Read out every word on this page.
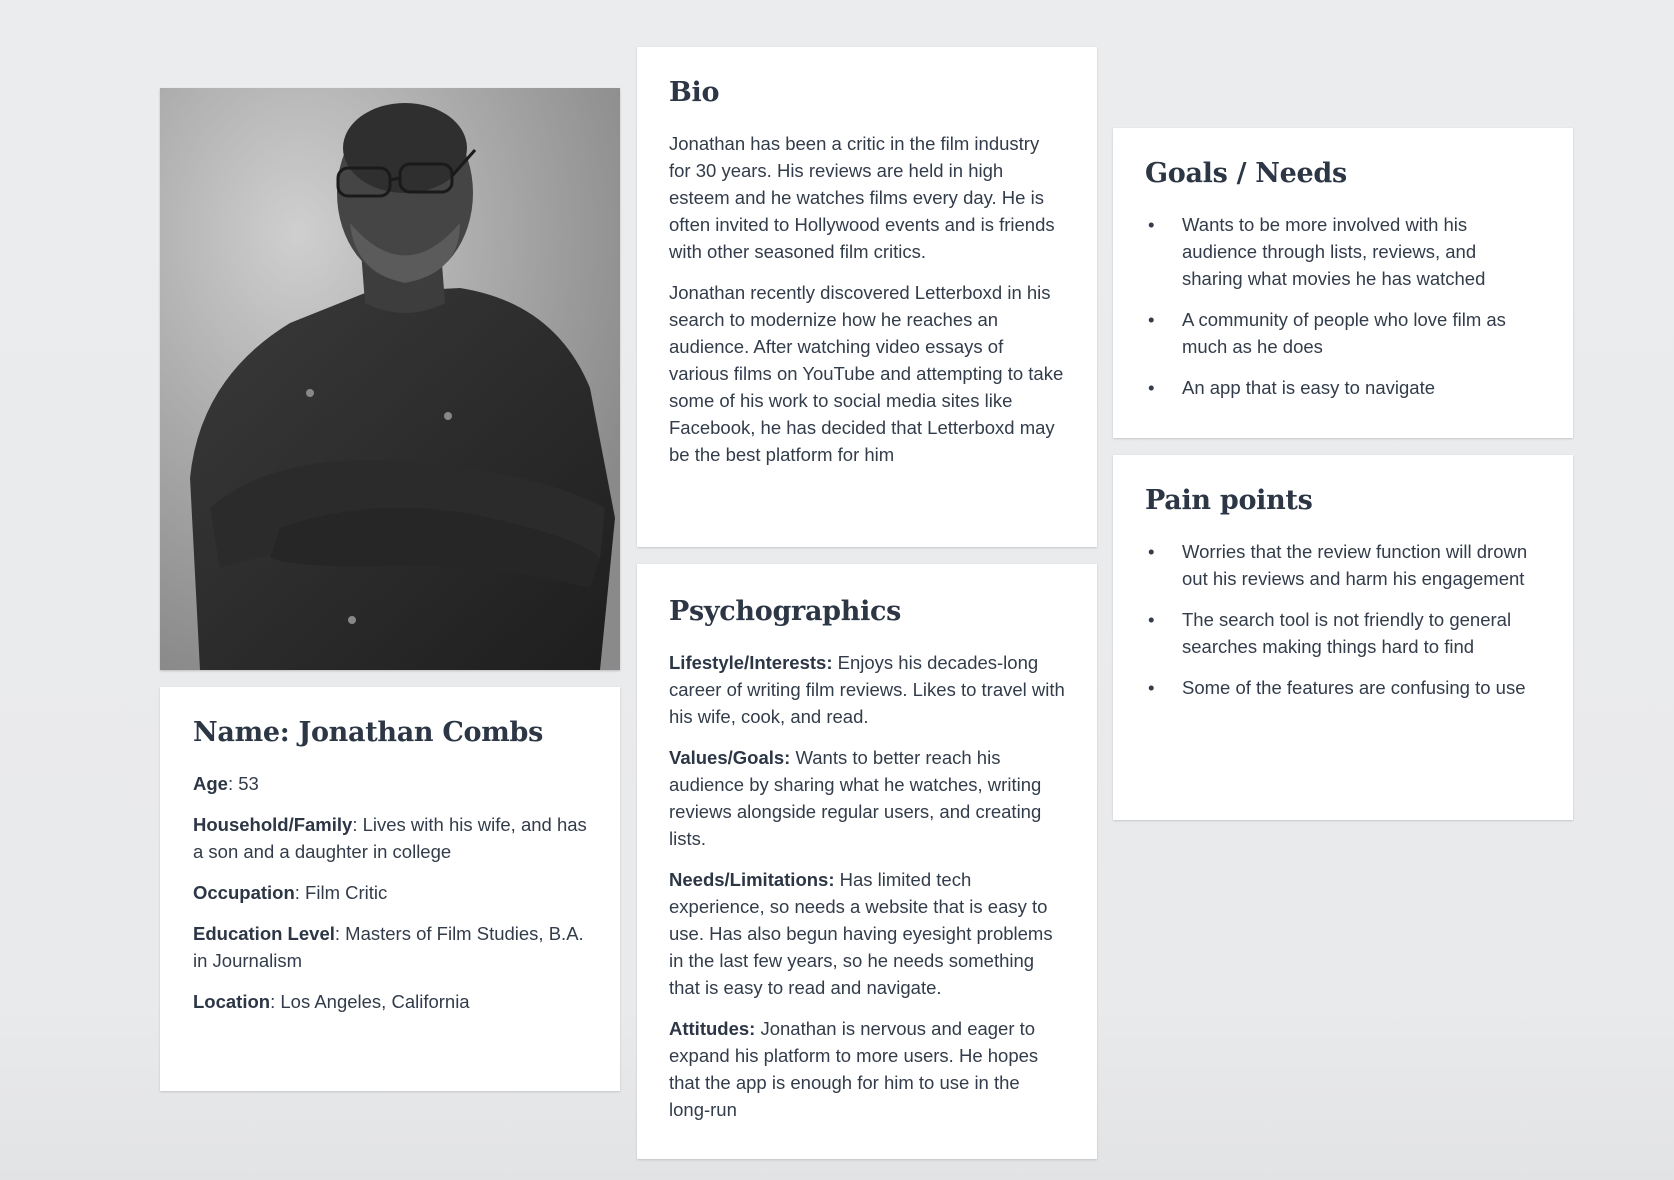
Name: Jonathan Combs

Age: 53

Household/Family: Lives with his wife, and has a son and a daughter in college

Occupation: Film Critic

Education Level: Masters of Film Studies, B.A. in Journalism

Location: Los Angeles, California

Bio

Jonathan has been a critic in the film industry for 30 years. His reviews are held in high esteem and he watches films every day. He is often invited to Hollywood events and is friends with other seasoned film critics.

Jonathan recently discovered Letterboxd in his search to modernize how he reaches an audience. After watching video essays of various films on YouTube and attempting to take some of his work to social media sites like Facebook, he has decided that Letterboxd may be the best platform for him

Psychographics

Lifestyle/Interests: Enjoys his decades-long career of writing film reviews. Likes to travel with his wife, cook, and read.

Values/Goals: Wants to better reach his audience by sharing what he watches, writing reviews alongside regular users, and creating lists.

Needs/Limitations: Has limited tech experience, so needs a website that is easy to use. Has also begun having eyesight problems in the last few years, so he needs something that is easy to read and navigate.

Attitudes: Jonathan is nervous and eager to expand his platform to more users. He hopes that the app is enough for him to use in the long-run

Goals / Needs
• Wants to be more involved with his audience through lists, reviews, and sharing what movies he has watched
• A community of people who love film as much as he does
• An app that is easy to navigate
Pain points
• Worries that the review function will drown out his reviews and harm his engagement
• The search tool is not friendly to general searches making things hard to find
• Some of the features are confusing to use
